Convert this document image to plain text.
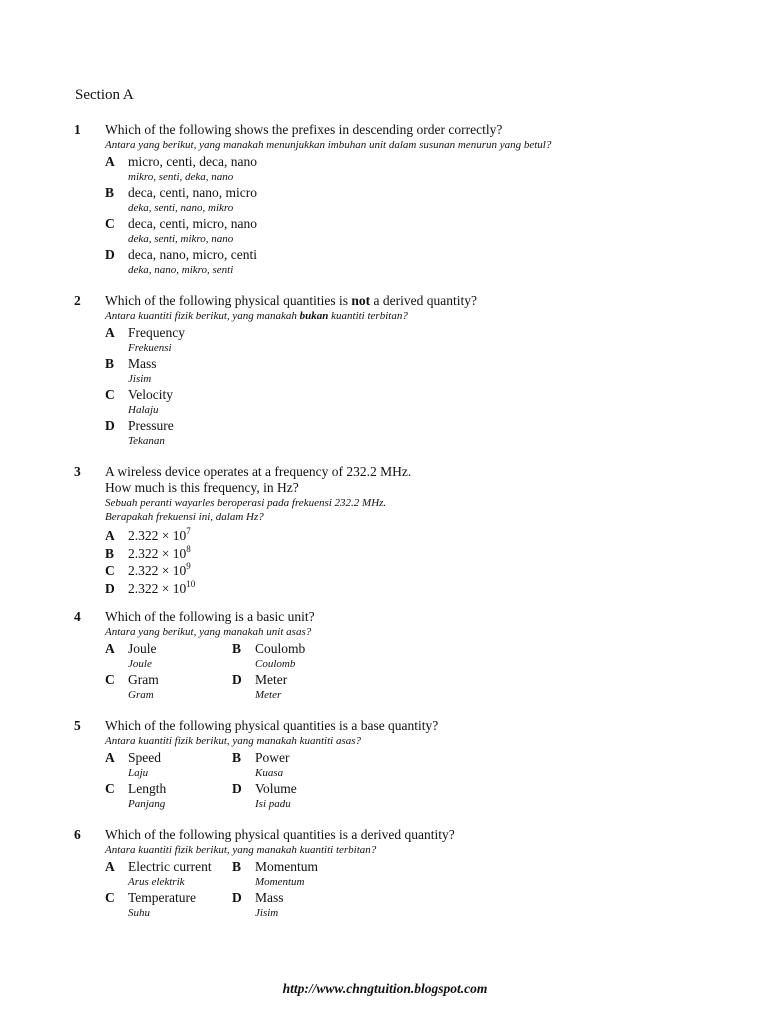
Section A
1 Which of the following shows the prefixes in descending order correctly?
Antara yang berikut, yang manakah menunjukkan imbuhan unit dalam susunan menurun yang betul?
A micro, centi, deca, nano
mikro, senti, deka, nano
B deca, centi, nano, micro
deka, senti, nano, mikro
C deca, centi, micro, nano
deka, senti, mikro, nano
D deca, nano, micro, centi
deka, nano, mikro, senti
2 Which of the following physical quantities is not a derived quantity?
Antara kuantiti fizik berikut, yang manakah bukan kuantiti terbitan?
A Frequency
Frekuensi
B Mass
Jisim
C Velocity
Halaju
D Pressure
Tekanan
3 A wireless device operates at a frequency of 232.2 MHz.
How much is this frequency, in Hz?
Sebuah peranti wayarles beroperasi pada frekuensi 232.2 MHz.
Berapakah frekuensi ini, dalam Hz?
A $2.322 \times 10^7$
B $2.322 \times 10^8$
C $2.322 \times 10^9$
D $2.322 \times 10^{10}$
4 Which of the following is a basic unit?
Antara yang berikut, yang manakah unit asas?
A Joule
Joule
B Coulomb
Coulomb
C Gram
Gram
D Meter
Meter
5 Which of the following physical quantities is a base quantity?
Antara kuantiti fizik berikut, yang manakah kuantiti asas?
A Speed
Laju
B Power
Kuasa
C Length
Panjang
D Volume
Isi padu
6 Which of the following physical quantities is a derived quantity?
Antara kuantiti fizik berikut, yang manakah kuantiti terbitan?
A Electric current
Arus elektrik
B Momentum
Momentum
C Temperature
Suhu
D Mass
Jisim
http://www.chngtuition.blogspot.com
